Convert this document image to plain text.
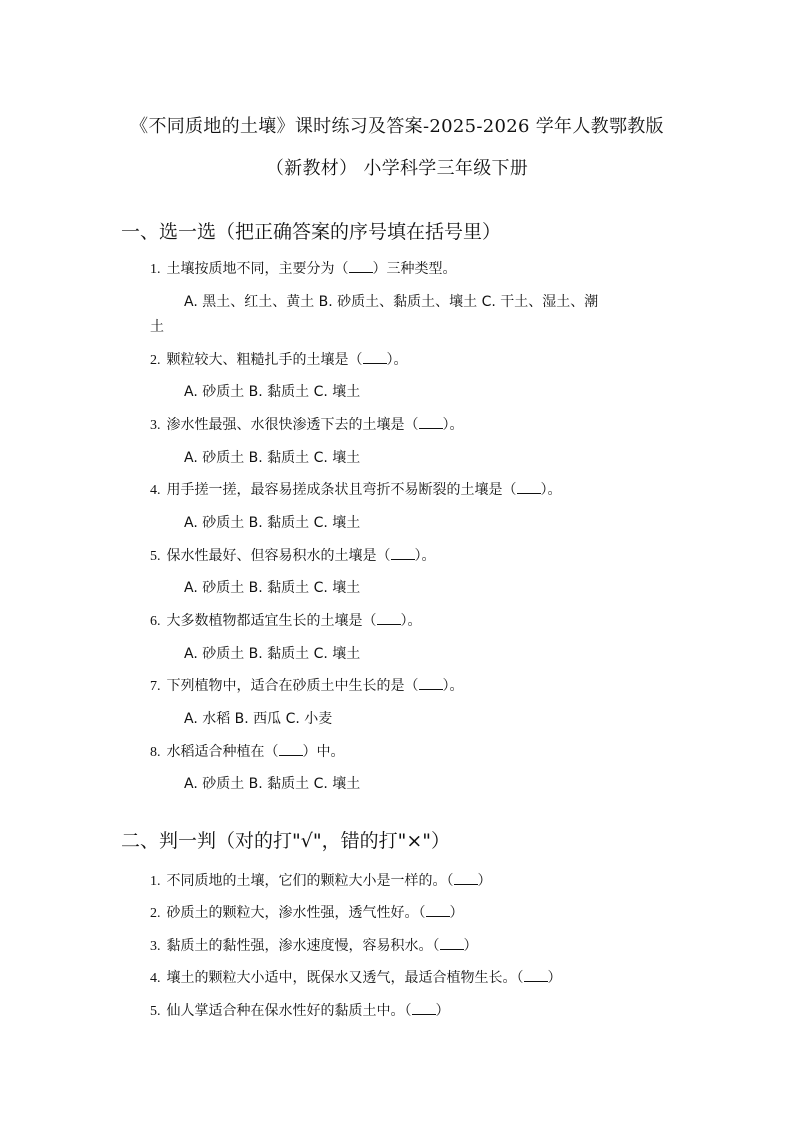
《不同质地的土壤》课时练习及答案-2025-2026 学年人教鄂教版
（新教材） 小学科学三年级下册
一、选一选（把正确答案的序号填在括号里）
1. 土壤按质地不同，主要分为（ ）三种类型。
A. 黑土、红土、黄土 B. 砂质土、黏质土、壤土 C. 干土、湿土、潮
土
2. 颗粒较大、粗糙扎手的土壤是（ ）。
A. 砂质土 B. 黏质土 C. 壤土
3. 渗水性最强、水很快渗透下去的土壤是（ ）。
A. 砂质土 B. 黏质土 C. 壤土
4. 用手搓一搓，最容易搓成条状且弯折不易断裂的土壤是（ ）。
A. 砂质土 B. 黏质土 C. 壤土
5. 保水性最好、但容易积水的土壤是（ ）。
A. 砂质土 B. 黏质土 C. 壤土
6. 大多数植物都适宜生长的土壤是（ ）。
A. 砂质土 B. 黏质土 C. 壤土
7. 下列植物中，适合在砂质土中生长的是（ ）。
A. 水稻 B. 西瓜 C. 小麦
8. 水稻适合种植在（ ）中。
A. 砂质土 B. 黏质土 C. 壤土
二、判一判（对的打"√"，错的打"×"）
1. 不同质地的土壤，它们的颗粒大小是一样的。（ ）
2. 砂质土的颗粒大，渗水性强，透气性好。（ ）
3. 黏质土的黏性强，渗水速度慢，容易积水。（ ）
4. 壤土的颗粒大小适中，既保水又透气，最适合植物生长。（ ）
5. 仙人掌适合种在保水性好的黏质土中。（ ）
